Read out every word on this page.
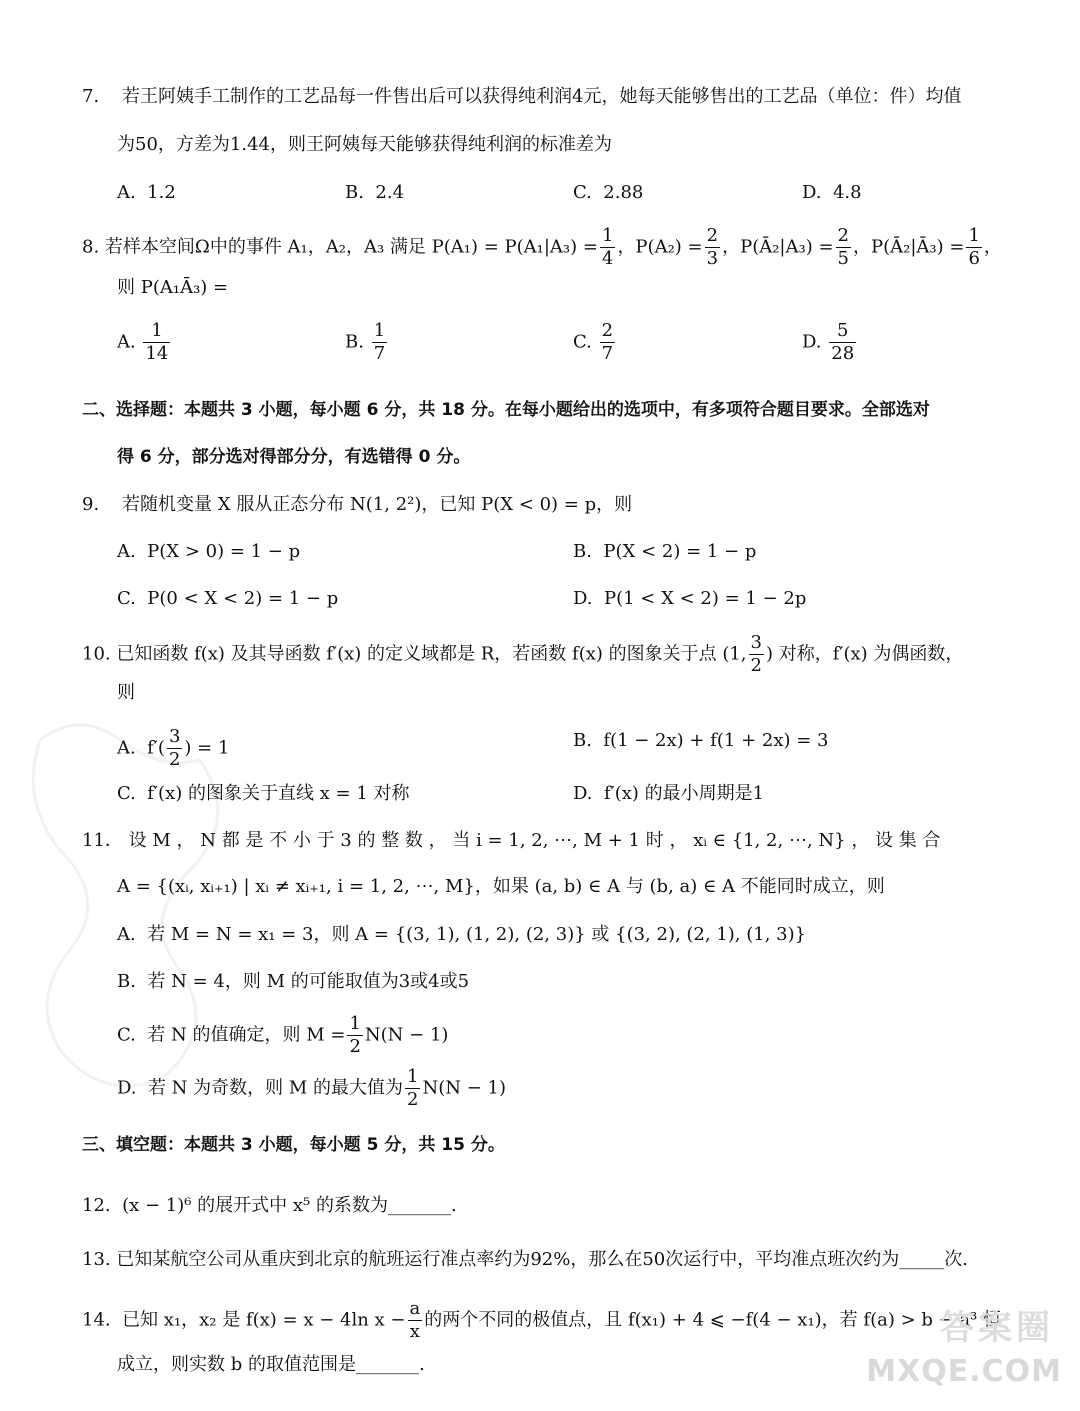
7.    若王阿姨手工制作的工艺品每一件售出后可以获得纯利润4元，她每天能够售出的工艺品（单位：件）均值
为50，方差为1.44，则王阿姨每天能够获得纯利润的标准差为
A.  1.2	B.  2.4	C.  2.88	D.  4.8
8. 若样本空间Ω中的事件 A₁，A₂，A₃ 满足 $P(A_1) = P(A_1|A_3) = \frac{1}{4}$ ，$P(A_2) = \frac{2}{3}$ ，P(Ā₂|A₃) = $\frac{2}{5}$ ，P(Ā₂|Ā₃) = $\frac{1}{6}$ ，
则 P(A₁Ā₃) =
A. $\frac{1}{14}$	B. $\frac{1}{7}$	C. $\frac{2}{7}$	D. $\frac{5}{28}$
二、选择题：本题共 3 小题，每小题 6 分，共 18 分。在每小题给出的选项中，有多项符合题目要求。全部选对
得 6 分，部分选对得部分分，有选错得 0 分。
9.    若随机变量 X 服从正态分布 N(1, 2²)，已知 P(X < 0) = p，则
A.  P(X > 0) = 1 − p	B.  P(X < 2) = 1 − p
C.  P(0 < X < 2) = 1 − p	D.  P(1 < X < 2) = 1 − 2p
10. 已知函数 f(x) 及其导函数 f′(x) 的定义域都是 R，若函数 f(x) 的图象关于点 (1, $\frac{3}{2}$ ) 对称，f′(x) 为偶函数，
则
A.  $f'( \frac{3}{2}$ ) = 1	B.  f(1 − 2x) + f(1 + 2x) = 3
C.  f′(x) 的图象关于直线 x = 1 对称	D.  f′(x) 的最小周期是1
11． 设 M ， N 都 是 不 小 于 3 的 整 数 ， 当 i = 1, 2, ⋯, M + 1 时 ， xᵢ ∈ {1, 2, ⋯, N} ， 设 集 合
A = {(xᵢ, xᵢ₊₁) | xᵢ ≠ xᵢ₊₁, i = 1, 2, ⋯, M}，如果 (a, b) ∈ A 与 (b, a) ∈ A 不能同时成立，则
A.  若 M = N = x₁ = 3，则 A = {(3, 1), (1, 2), (2, 3)} 或 {(3, 2), (2, 1), (1, 3)}
B.  若 N = 4，则 M 的可能取值为3或4或5
C.  若 N 的值确定，则 $M = \frac{1}{2} N(N - 1)$
D.  若 N 为奇数，则 M 的最大值为 $\frac{1}{2} N(N - 1)$
三、填空题：本题共 3 小题，每小题 5 分，共 15 分。
12.  (x − 1)⁶ 的展开式中 x⁵ 的系数为_______.
13. 已知某航空公司从重庆到北京的航班运行准点率约为92%，那么在50次运行中，平均准点班次约为_____次.
14.  已知 x₁，x₂ 是 f(x) = x − 4ln $x - \frac{a}{x}$ 的两个不同的极值点，且 f(x₁) + 4 ⩽ −f(4 − x₁)，若 f(a) > b − a³ 恒
成立，则实数 b 的取值范围是_______.
答案圈
MXQE.COM
